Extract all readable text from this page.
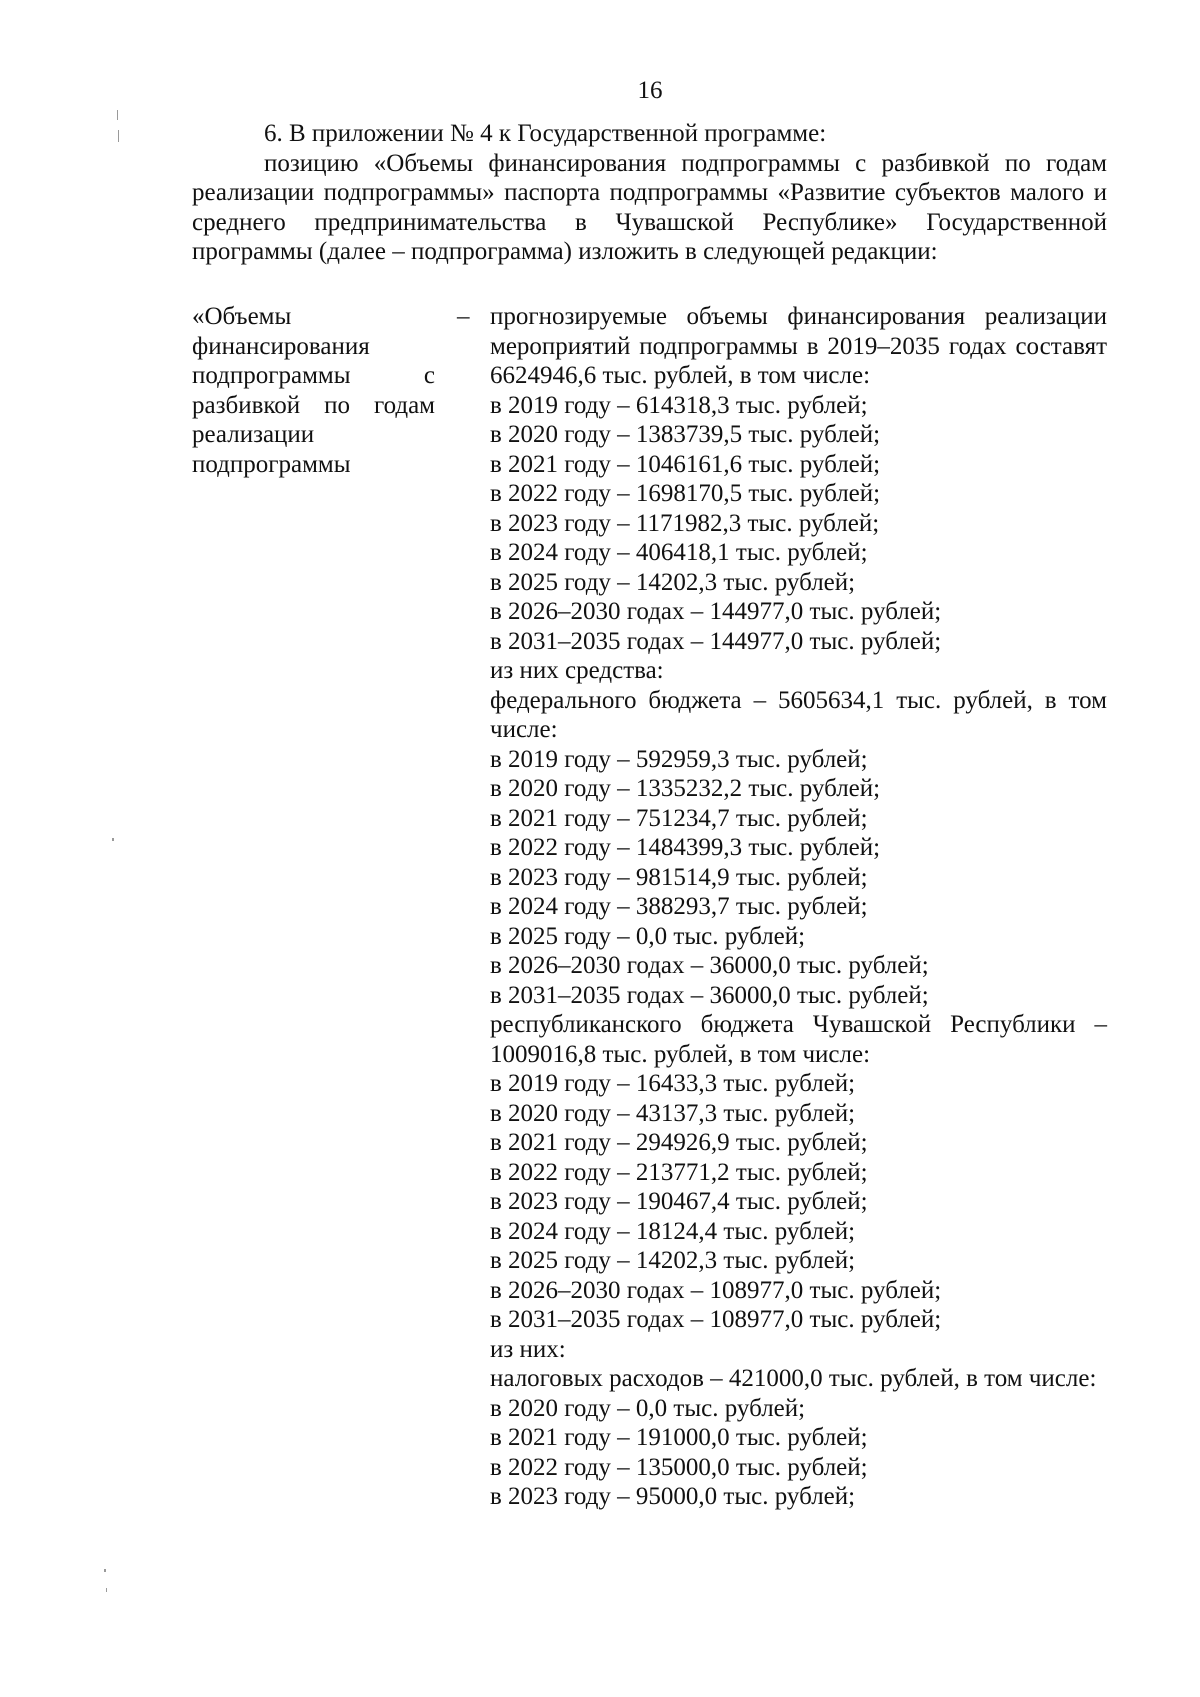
16

6. В приложении № 4 к Государственной программе:

позицию «Объемы финансирования подпрограммы с разбивкой по годам реализации подпрограммы» паспорта подпрограммы «Развитие субъектов малого и среднего предпринимательства в Чувашской Республике» Государственной программы (далее – подпрограмма) изложить в следующей редакции:

«Объемы финансирования подпрограммы с разбивкой по годам реализации подпрограммы
– прогнозируемые объемы финансирования реализации мероприятий подпрограммы в 2019–2035 годах составят 6624946,6 тыс. рублей, в том числе:
в 2019 году – 614318,3 тыс. рублей;
в 2020 году – 1383739,5 тыс. рублей;
в 2021 году – 1046161,6 тыс. рублей;
в 2022 году – 1698170,5 тыс. рублей;
в 2023 году – 1171982,3 тыс. рублей;
в 2024 году – 406418,1 тыс. рублей;
в 2025 году – 14202,3 тыс. рублей;
в 2026–2030 годах – 144977,0 тыс. рублей;
в 2031–2035 годах – 144977,0 тыс. рублей;
из них средства:
федерального бюджета – 5605634,1 тыс. рублей, в том числе:
в 2019 году – 592959,3 тыс. рублей;
в 2020 году – 1335232,2 тыс. рублей;
в 2021 году – 751234,7 тыс. рублей;
в 2022 году – 1484399,3 тыс. рублей;
в 2023 году – 981514,9 тыс. рублей;
в 2024 году – 388293,7 тыс. рублей;
в 2025 году – 0,0 тыс. рублей;
в 2026–2030 годах – 36000,0 тыс. рублей;
в 2031–2035 годах – 36000,0 тыс. рублей;
республиканского бюджета Чувашской Республики – 1009016,8 тыс. рублей, в том числе:
в 2019 году – 16433,3 тыс. рублей;
в 2020 году – 43137,3 тыс. рублей;
в 2021 году – 294926,9 тыс. рублей;
в 2022 году – 213771,2 тыс. рублей;
в 2023 году – 190467,4 тыс. рублей;
в 2024 году – 18124,4 тыс. рублей;
в 2025 году – 14202,3 тыс. рублей;
в 2026–2030 годах – 108977,0 тыс. рублей;
в 2031–2035 годах – 108977,0 тыс. рублей;
из них:
налоговых расходов – 421000,0 тыс. рублей, в том числе:
в 2020 году – 0,0 тыс. рублей;
в 2021 году – 191000,0 тыс. рублей;
в 2022 году – 135000,0 тыс. рублей;
в 2023 году – 95000,0 тыс. рублей;
